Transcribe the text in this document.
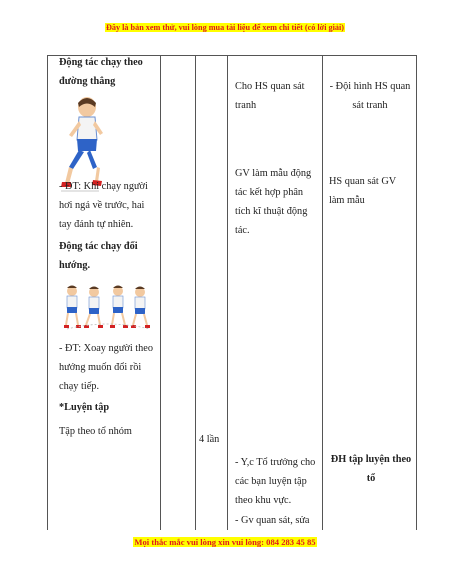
Đây là bản xem thử, vui lòng mua tài liệu để xem chi tiết (có lời giải)
Động tác chạy theo đường thẳng
- ĐT: Khi chạy người hơi ngả về trước, hai tay đánh tự nhiên.
Động tác chạy đổi hướng.
- ĐT: Xoay người theo hướng muốn đổi rồi chạy tiếp.
*Luyện tập
Tập theo tổ nhóm
4 lần
Cho HS quan sát tranh
GV làm mẫu động tác kết hợp phân tích kĩ thuật động tác.
- Y,c Tổ trưởng cho các bạn luyện tập theo khu vực.
- Gv quan sát, sửa
- Đội hình HS quan sát tranh
HS quan sát GV làm mẫu
ĐH tập luyện theo tổ
Mọi thắc mắc vui lòng xin vui lòng: 084 283 45 85
